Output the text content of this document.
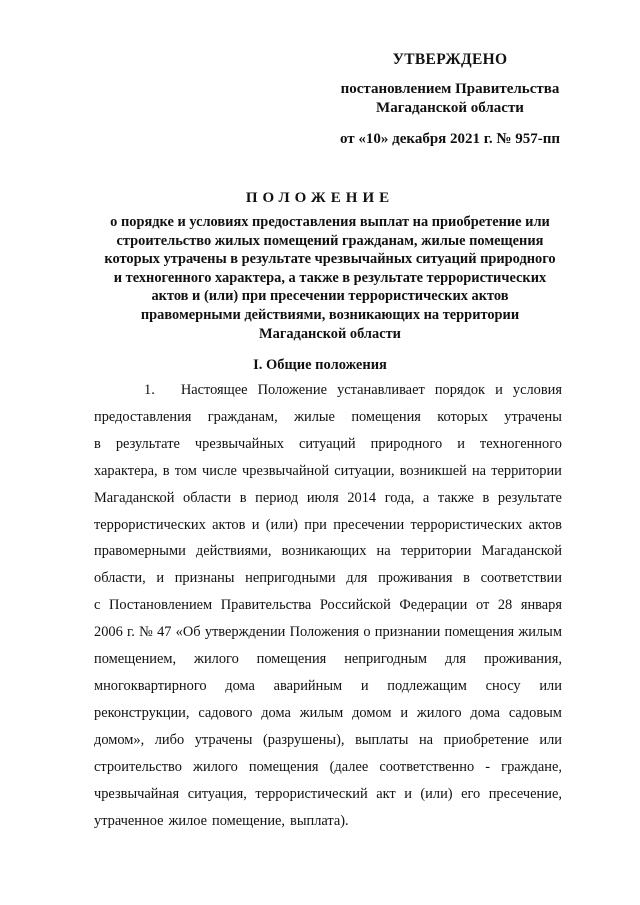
УТВЕРЖДЕНО
постановлением Правительства
Магаданской области
от «10» декабря 2021 г. № 957-пп
ПОЛОЖЕНИЕ
о порядке и условиях предоставления выплат на приобретение или
строительство жилых помещений гражданам, жилые помещения
которых утрачены в результате чрезвычайных ситуаций природного
и техногенного характера, а также в результате террористических
актов и (или) при пресечении террористических актов
правомерными действиями, возникающих на территории
Магаданской области
I. Общие положения
1. Настоящее Положение устанавливает порядок и условия
предоставления гражданам, жилые помещения которых утрачены
в результате чрезвычайных ситуаций природного и техногенного
характера, в том числе чрезвычайной ситуации, возникшей на территории
Магаданской области в период июля 2014 года, а также в результате
террористических актов и (или) при пресечении террористических актов
правомерными действиями, возникающих на территории Магаданской
области, и признаны непригодными для проживания в соответствии
с Постановлением Правительства Российской Федерации от 28 января
2006 г. № 47 «Об утверждении Положения о признании помещения жилым
помещением, жилого помещения непригодным для проживания,
многоквартирного дома аварийным и подлежащим сносу или
реконструкции, садового дома жилым домом и жилого дома садовым
домом», либо утрачены (разрушены), выплаты на приобретение или
строительство жилого помещения (далее соответственно - граждане,
чрезвычайная ситуация, террористический акт и (или) его пресечение,
утраченное жилое помещение, выплата).
